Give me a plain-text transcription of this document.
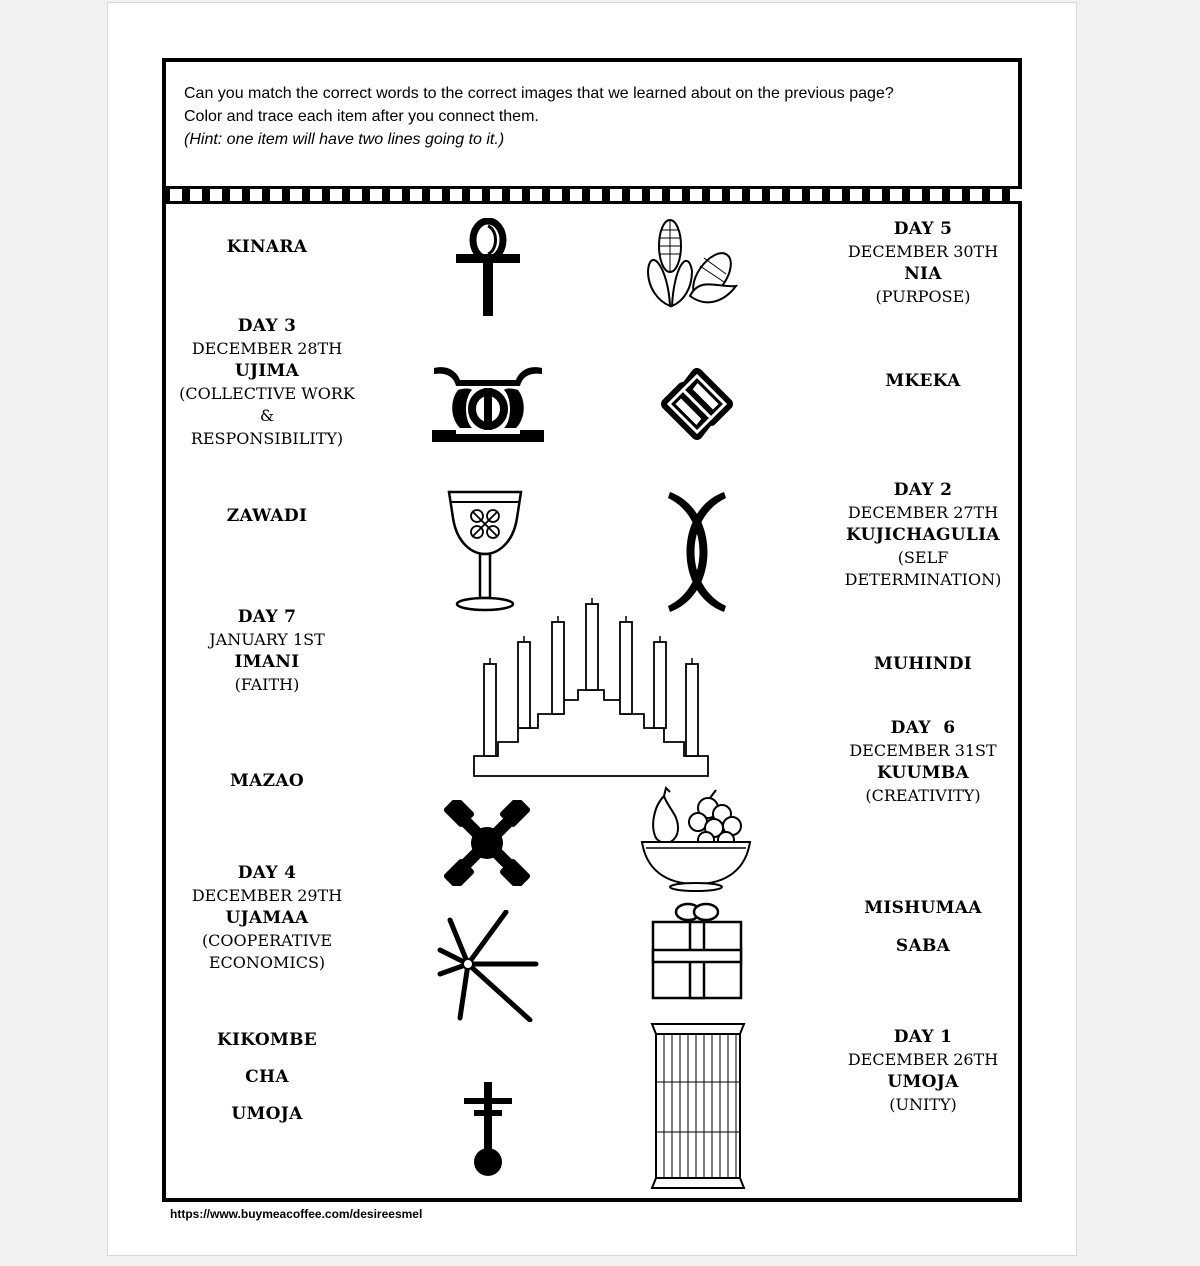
Can you match the correct words to the correct images that we learned about on the previous page?
Color and trace each item after you connect them.
(Hint: one item will have two lines going to it.)
KINARA
DAY 3
DECEMBER 28TH
UJIMA
(COLLECTIVE WORK
&
RESPONSIBILITY)
ZAWADI
DAY 7
JANUARY 1ST
IMANI
(FAITH)
MAZAO
DAY 4
DECEMBER 29TH
UJAMAA
(COOPERATIVE
ECONOMICS)
KIKOMBE
CHA
UMOJA
DAY 5
DECEMBER 30TH
NIA
(PURPOSE)
MKEKA
DAY 2
DECEMBER 27TH
KUJICHAGULIA
(SELF
DETERMINATION)
MUHINDI
DAY  6
DECEMBER 31ST
KUUMBA
(CREATIVITY)
MISHUMAA
SABA
DAY 1
DECEMBER 26TH
UMOJA
(UNITY)
https://www.buymeacoffee.com/desireesmel
